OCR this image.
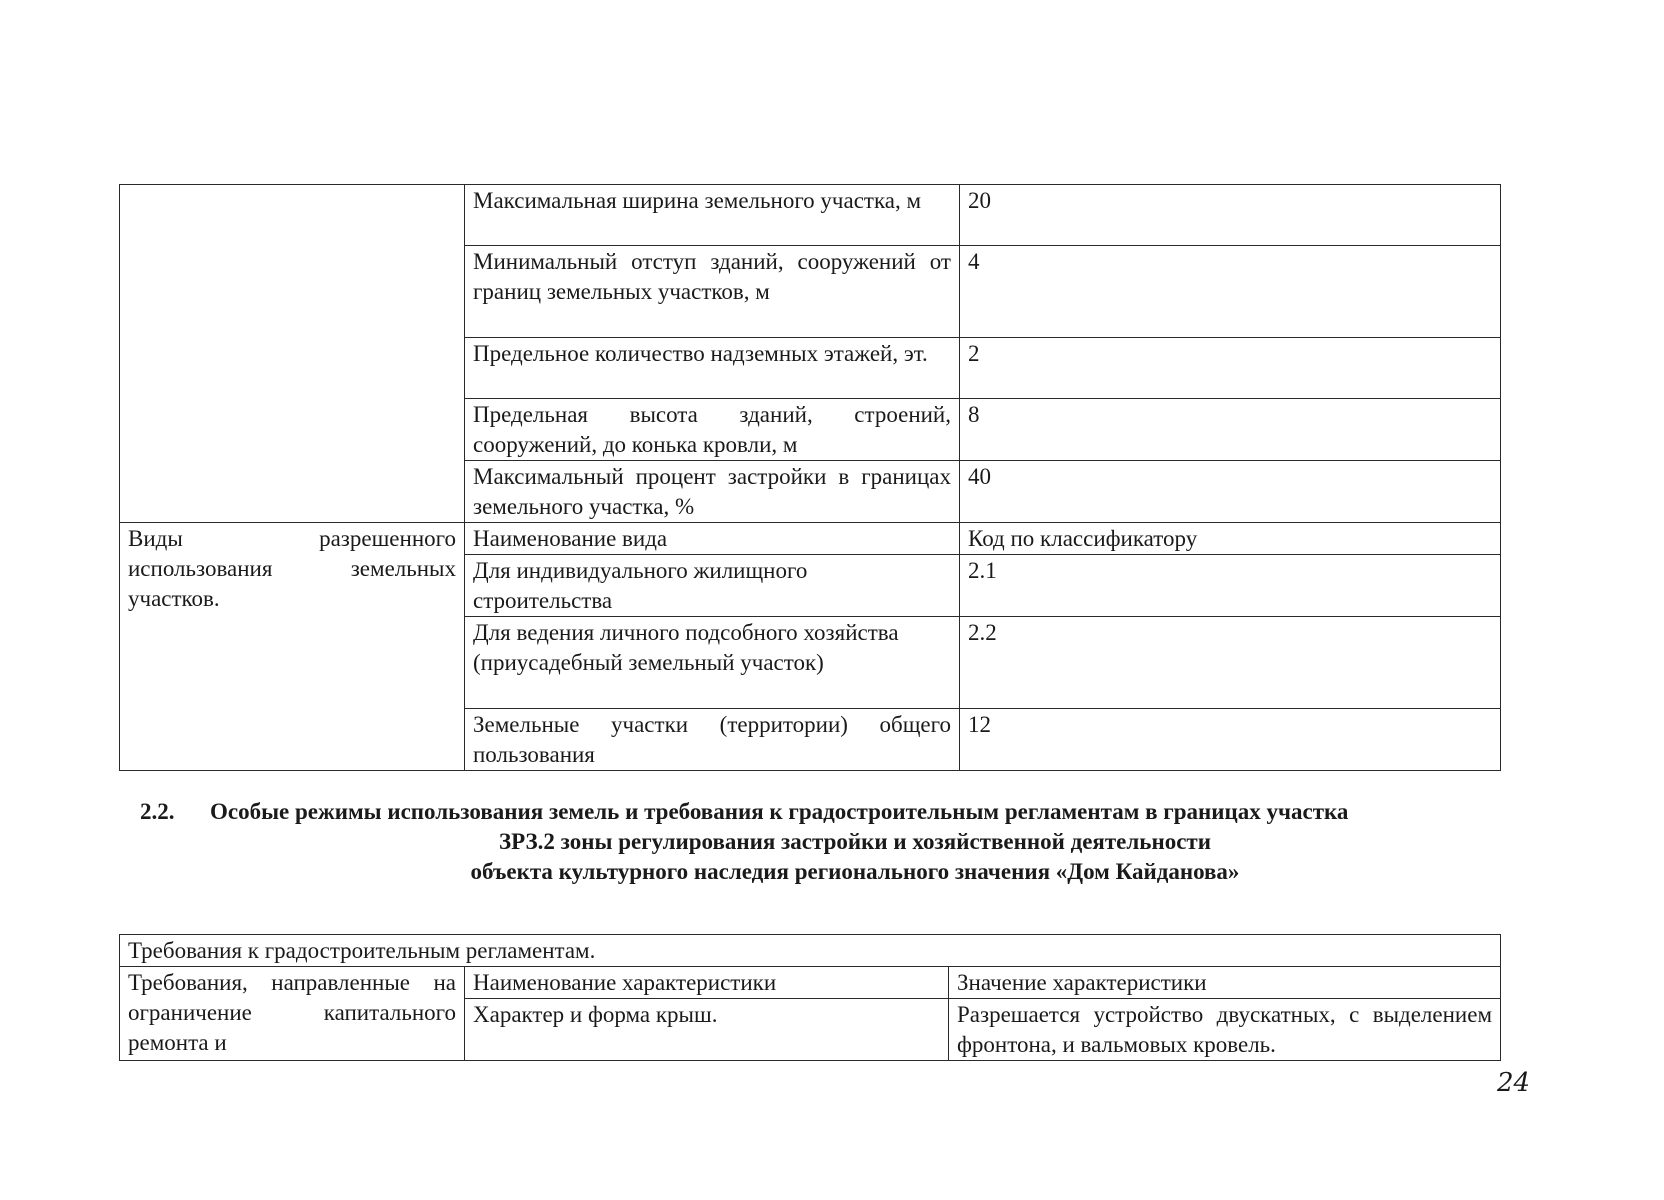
	Максимальная ширина земельного участка, м	20
	Минимальный отступ зданий, сооружений от границ земельных участков, м	4
	Предельное количество надземных этажей, эт.	2
	Предельная высота зданий, строений, сооружений, до конька кровли, м	8
	Максимальный процент застройки в границах земельного участка, %	40
Виды разрешенного использования земельных участков.	Наименование вида	Код по классификатору
	Для индивидуального жилищного строительства	2.1
	Для ведения личного подсобного хозяйства (приусадебный земельный участок)	2.2
	Земельные участки (территории) общего пользования	12
2.2. Особые режимы использования земель и требования к градостроительным регламентам в границах участка
ЗРЗ.2 зоны регулирования застройки и хозяйственной деятельности
объекта культурного наследия регионального значения «Дом Кайданова»
Требования к градостроительным регламентам.		
Требования, направленные на ограничение капитального ремонта и	Наименование характеристики	Значение характеристики
	Характер и форма крыш.	Разрешается устройство двускатных, с выделением фронтона, и вальмовых кровель.
24
